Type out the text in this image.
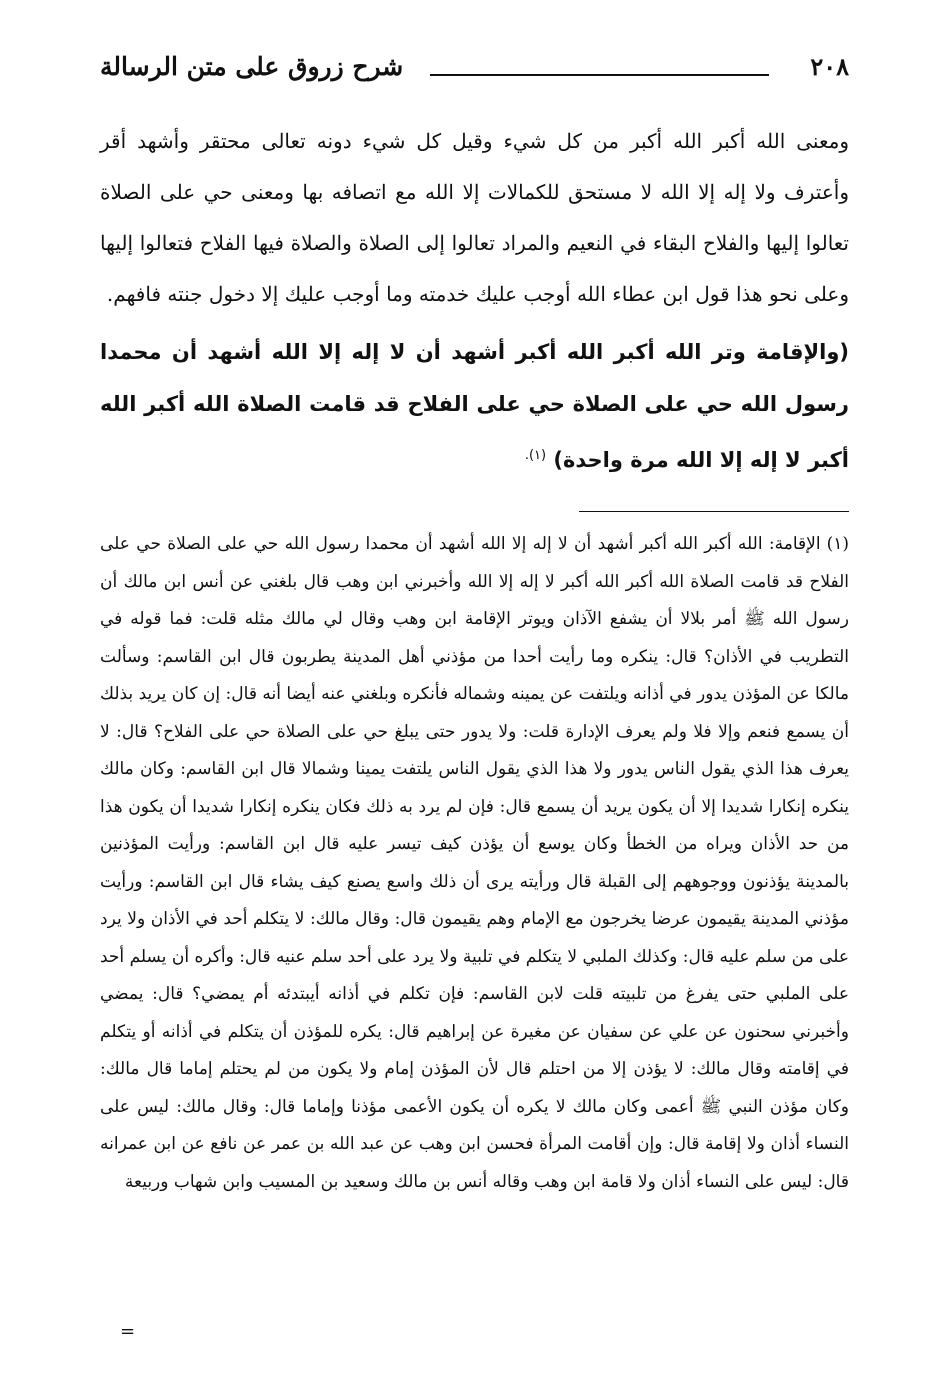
٢٠٨
شرح زروق على متن الرسالة

ومعنى الله أكبر الله أكبر من كل شيء وقيل كل شيء دونه تعالى محتقر وأشهد أقر وأعترف ولا إله إلا الله لا مستحق للكمالات إلا الله مع اتصافه بها ومعنى حي على الصلاة تعالوا إليها والفلاح البقاء في النعيم والمراد تعالوا إلى الصلاة والصلاة فيها الفلاح فتعالوا إليها وعلى نحو هذا قول ابن عطاء الله أوجب عليك خدمته وما أوجب عليك إلا دخول جنته فافهم.

(والإقامة وتر الله أكبر الله أكبر أشهد أن لا إله إلا الله أشهد أن محمدا رسول الله حي على الصلاة حي على الفلاح قد قامت الصلاة الله أكبر الله أكبر لا إله إلا الله مرة واحدة) $^{(١).}$

(١)الإقامة: الله أكبر الله أكبر أشهد أن لا إله إلا الله أشهد أن محمدا رسول الله حي على الصلاة حي على الفلاح قد قامت الصلاة الله أكبر الله أكبر لا إله إلا الله وأخبرني ابن وهب قال بلغني عن أنس ابن مالك أن رسول الله ﷺ أمر بلالا أن يشفع الآذان ويوتر الإقامة ابن وهب وقال لي مالك مثله قلت: فما قوله في التطريب في الأذان؟ قال: ينكره وما رأيت أحدا من مؤذني أهل المدينة يطربون قال ابن القاسم: وسألت مالكا عن المؤذن يدور في أذانه ويلتفت عن يمينه وشماله فأنكره وبلغني عنه أيضا أنه قال: إن كان يريد بذلك أن يسمع فنعم وإلا فلا ولم يعرف الإدارة قلت: ولا يدور حتى يبلغ حي على الصلاة حي على الفلاح؟ قال: لا يعرف هذا الذي يقول الناس يدور ولا هذا الذي يقول الناس يلتفت يمينا وشمالا قال ابن القاسم: وكان مالك ينكره إنكارا شديدا إلا أن يكون يريد أن يسمع قال: فإن لم يرد به ذلك فكان ينكره إنكارا شديدا أن يكون هذا من حد الأذان ويراه من الخطأ وكان يوسع أن يؤذن كيف تيسر عليه قال ابن القاسم: ورأيت المؤذنين بالمدينة يؤذنون ووجوههم إلى القبلة قال ورأيته يرى أن ذلك واسع يصنع كيف يشاء قال ابن القاسم: ورأيت مؤذني المدينة يقيمون عرضا يخرجون مع الإمام وهم يقيمون قال: وقال مالك: لا يتكلم أحد في الأذان ولا يرد على من سلم عليه قال: وكذلك الملبي لا يتكلم في تلبية ولا يرد على أحد سلم عنيه قال: وأكره أن يسلم أحد على الملبي حتى يفرغ من تلبيته قلت لابن القاسم: فإن تكلم في أذانه أيبتدئه أم يمضي؟ قال: يمضي وأخبرني سحنون عن علي عن سفيان عن مغيرة عن إبراهيم قال: يكره للمؤذن أن يتكلم في أذانه أو يتكلم في إقامته وقال مالك: لا يؤذن إلا من احتلم قال لأن المؤذن إمام ولا يكون من لم يحتلم إماما قال مالك: وكان مؤذن النبي ﷺ أعمى وكان مالك لا يكره أن يكون الأعمى مؤذنا وإماما قال: وقال مالك: ليس على النساء أذان ولا إقامة قال: وإن أقامت المرأة فحسن ابن وهب عن عبد الله بن عمر عن نافع عن ابن عمرانه قال: ليس على النساء أذان ولا قامة ابن وهب وقاله أنس بن مالك وسعيد بن المسيب وابن شهاب وربيعة

=
